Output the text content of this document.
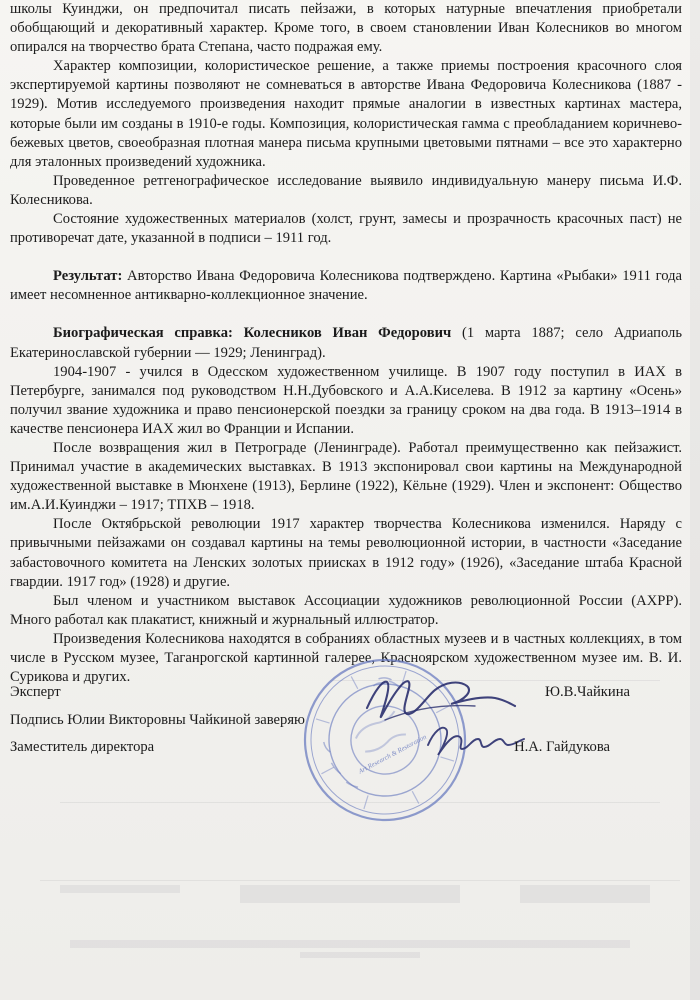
школы Куинджи, он предпочитал писать пейзажи, в которых натурные впечатления приобретали обобщающий и декоративный характер. Кроме того, в своем становлении Иван Колесников во многом опирался на творчество брата Степана, часто подражая ему.

Характер композиции, колористическое решение, а также приемы построения красочного слоя экспертируемой картины позволяют не сомневаться в авторстве Ивана Федоровича Колесникова (1887 - 1929). Мотив исследуемого произведения находит прямые аналогии в известных картинах мастера, которые были им созданы в 1910-е годы. Композиция, колористическая гамма с преобладанием коричнево-бежевых цветов, своеобразная плотная манера письма крупными цветовыми пятнами – все это характерно для эталонных произведений художника.

Проведенное ретгенографическое исследование выявило индивидуальную манеру письма И.Ф. Колесникова.

Состояние художественных материалов (холст, грунт, замесы и прозрачность красочных паст) не противоречат дате, указанной в подписи – 1911 год.

Результат: Авторство Ивана Федоровича Колесникова подтверждено. Картина «Рыбаки» 1911 года имеет несомненное антикварно-коллекционное значение.

Биографическая справка: Колесников Иван Федорович (1 марта 1887; село Адриаполь Екатеринославской губернии — 1929; Ленинград).

1904-1907 - учился в Одесском художественном училище. В 1907 году поступил в ИАХ в Петербурге, занимался под руководством Н.Н.Дубовского и А.А.Киселева. В 1912 за картину «Осень» получил звание художника и право пенсионерской поездки за границу сроком на два года. В 1913–1914 в качестве пенсионера ИАХ жил во Франции и Испании.

После возвращения жил в Петрограде (Ленинграде). Работал преимущественно как пейзажист. Принимал участие в академических выставках. В 1913 экспонировал свои картины на Международной художественной выставке в Мюнхене (1913), Берлине (1922), Кёльне (1929). Член и экспонент: Общество им.А.И.Куинджи – 1917; ТПХВ – 1918.

После Октябрьской революции 1917 характер творчества Колесникова изменился. Наряду с привычными пейзажами он создавал картины на темы революционной истории, в частности «Заседание забастовочного комитета на Ленских золотых приисках в 1912 году» (1926), «Заседание штаба Красной гвардии. 1917 год» (1928) и другие.

Был членом и участником выставок Ассоциации художников революционной России (АХРР). Много работал как плакатист, книжный и журнальный иллюстратор.

Произведения Колесникова находятся в собраниях областных музеев и в частных коллекциях, в том числе в Русском музее, Таганрогской картинной галерее, Красноярском художественном музее им. В. И. Сурикова и других.

Art Research & Restoration
Эксперт	Ю.В.Чайкина
Подпись Юлии Викторовны Чайкиной заверяю
Заместитель директора	Н.А. Гайдукова
